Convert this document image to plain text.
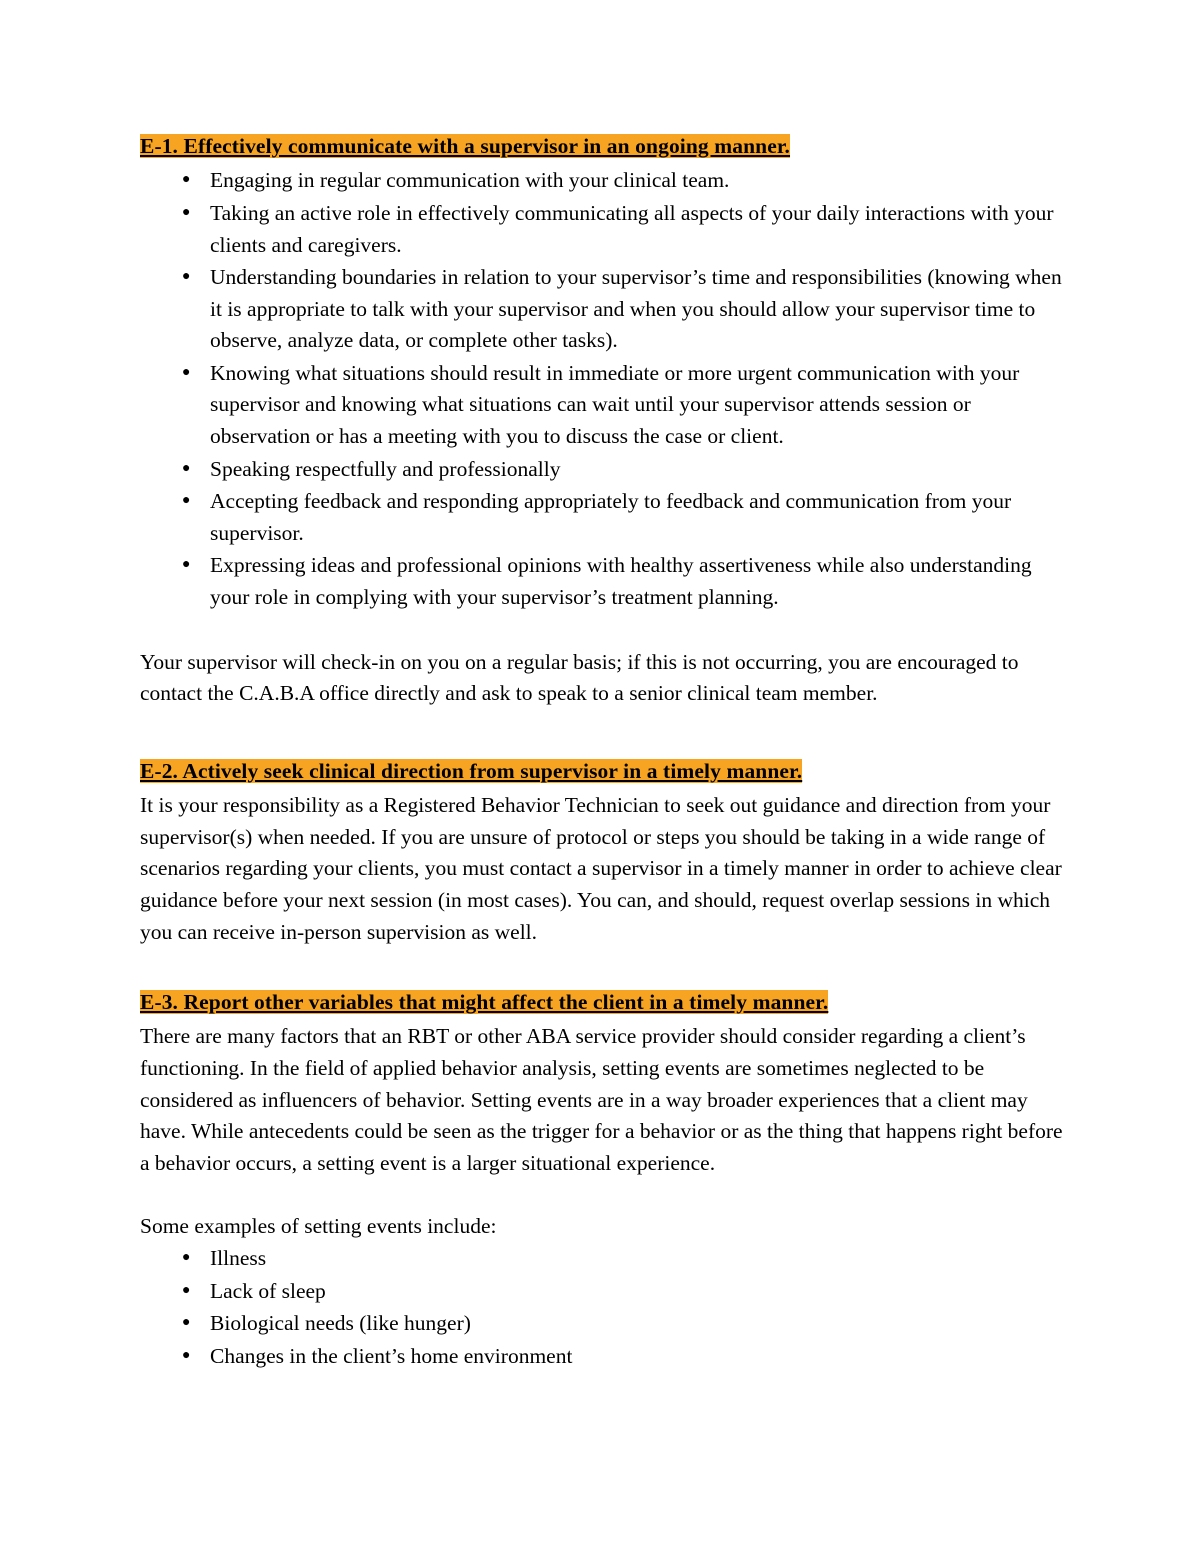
E-1. Effectively communicate with a supervisor in an ongoing manner.
● Engaging in regular communication with your clinical team.
● Taking an active role in effectively communicating all aspects of your daily interactions with your clients and caregivers.
● Understanding boundaries in relation to your supervisor’s time and responsibilities (knowing when it is appropriate to talk with your supervisor and when you should allow your supervisor time to observe, analyze data, or complete other tasks).
● Knowing what situations should result in immediate or more urgent communication with your supervisor and knowing what situations can wait until your supervisor attends session or observation or has a meeting with you to discuss the case or client.
● Speaking respectfully and professionally
● Accepting feedback and responding appropriately to feedback and communication from your supervisor.
● Expressing ideas and professional opinions with healthy assertiveness while also understanding your role in complying with your supervisor’s treatment planning.

Your supervisor will check-in on you on a regular basis; if this is not occurring, you are encouraged to contact the C.A.B.A office directly and ask to speak to a senior clinical team member.

E-2. Actively seek clinical direction from supervisor in a timely manner.

It is your responsibility as a Registered Behavior Technician to seek out guidance and direction from your supervisor(s) when needed. If you are unsure of protocol or steps you should be taking in a wide range of scenarios regarding your clients, you must contact a supervisor in a timely manner in order to achieve clear guidance before your next session (in most cases). You can, and should, request overlap sessions in which you can receive in-person supervision as well.

E-3. Report other variables that might affect the client in a timely manner.

There are many factors that an RBT or other ABA service provider should consider regarding a client’s functioning. In the field of applied behavior analysis, setting events are sometimes neglected to be considered as influencers of behavior. Setting events are in a way broader experiences that a client may have. While antecedents could be seen as the trigger for a behavior or as the thing that happens right before a behavior occurs, a setting event is a larger situational experience.

Some examples of setting events include:

● Illness
● Lack of sleep
● Biological needs (like hunger)
● Changes in the client’s home environment
